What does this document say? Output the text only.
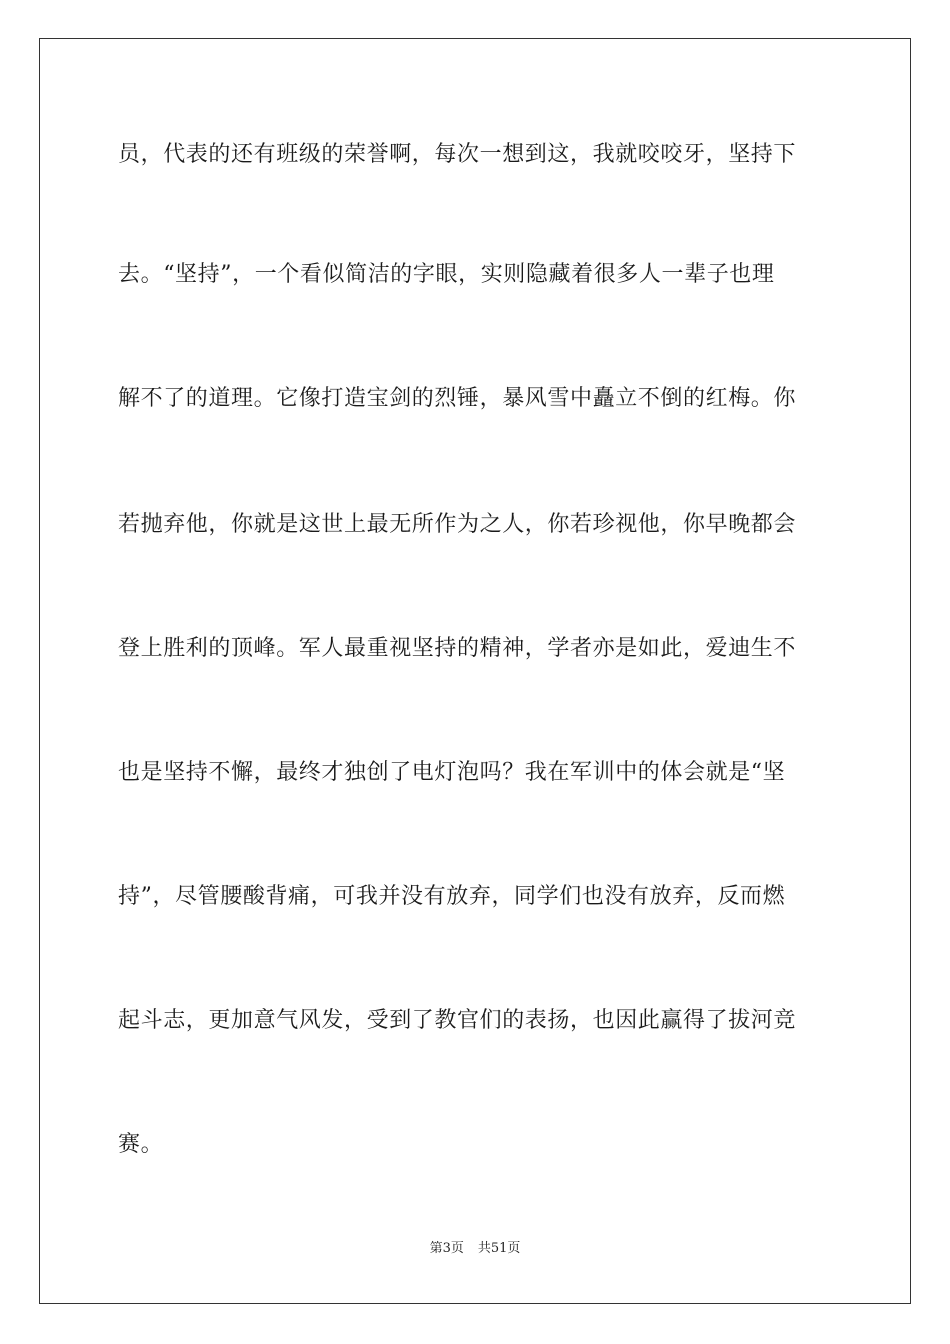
员，代表的还有班级的荣誉啊，每次一想到这，我就咬咬牙，坚持下
去。“坚持”，一个看似简洁的字眼，实则隐藏着很多人一辈子也理
解不了的道理。它像打造宝剑的烈锤，暴风雪中矗立不倒的红梅。你
若抛弃他，你就是这世上最无所作为之人，你若珍视他，你早晚都会
登上胜利的顶峰。军人最重视坚持的精神，学者亦是如此，爱迪生不
也是坚持不懈，最终才独创了电灯泡吗？我在军训中的体会就是“坚
持”，尽管腰酸背痛，可我并没有放弃，同学们也没有放弃，反而燃
起斗志，更加意气风发，受到了教官们的表扬，也因此赢得了拔河竞
赛。
第3页 共51页
